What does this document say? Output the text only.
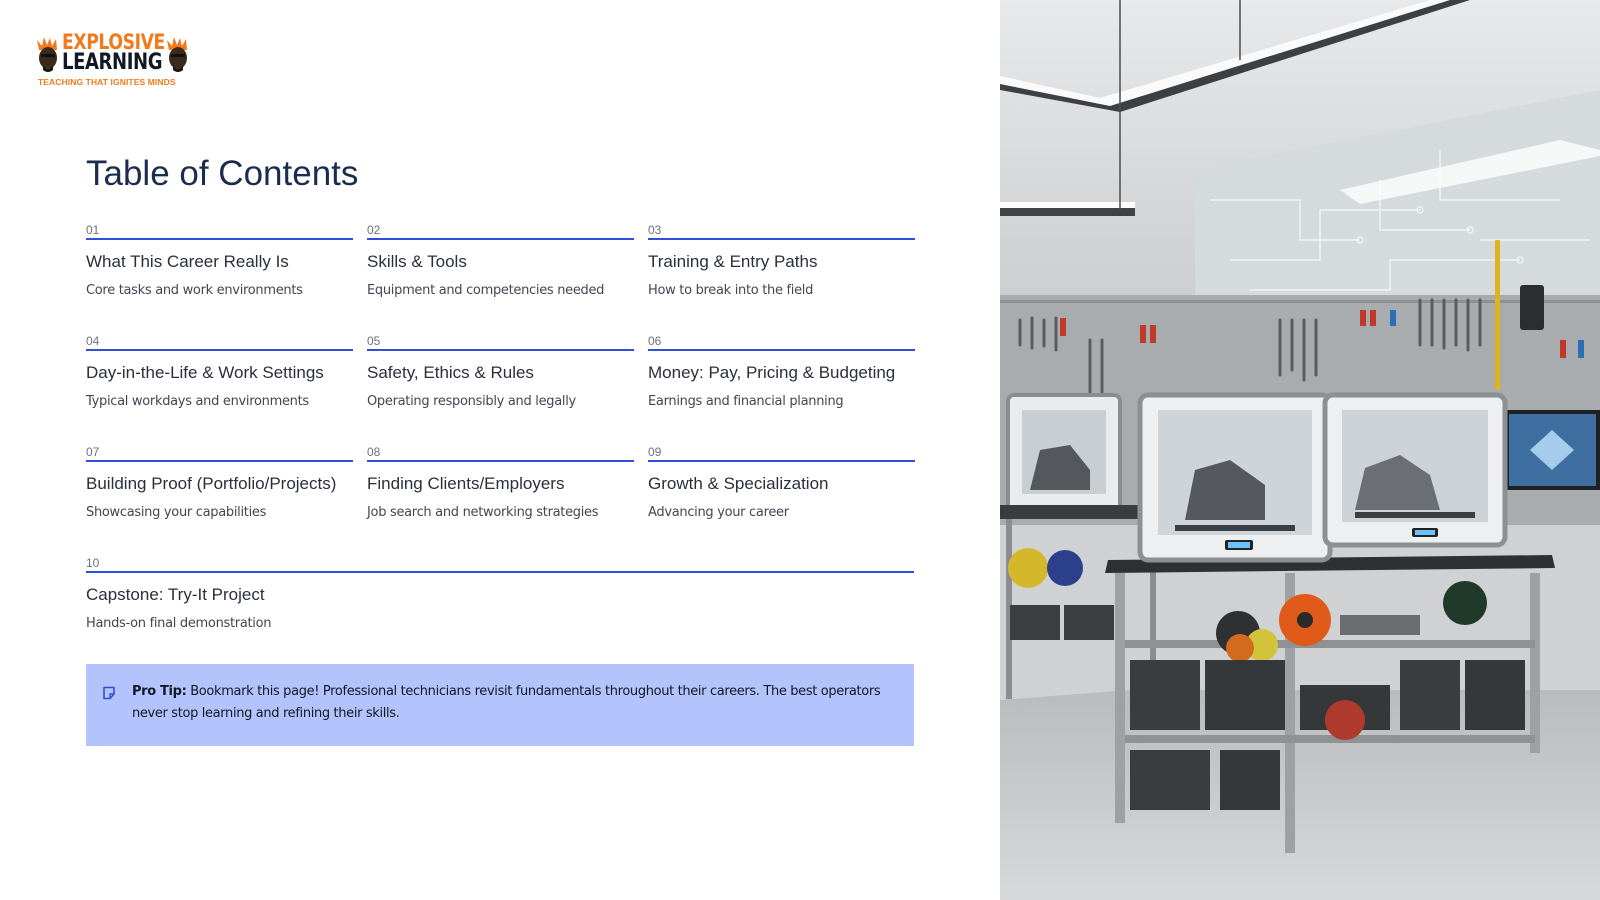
EXPLOSIVE
LEARNING
TEACHING THAT IGNITES MINDS
Table of Contents
01
What This Career Really Is
Core tasks and work environments
02
Skills & Tools
Equipment and competencies needed
03
Training & Entry Paths
How to break into the field
04
Day-in-the-Life & Work Settings
Typical workdays and environments
05
Safety, Ethics & Rules
Operating responsibly and legally
06
Money: Pay, Pricing & Budgeting
Earnings and financial planning
07
Building Proof (Portfolio/Projects)
Showcasing your capabilities
08
Finding Clients/Employers
Job search and networking strategies
09
Growth & Specialization
Advancing your career
10
Capstone: Try-It Project
Hands-on final demonstration
Pro Tip: Bookmark this page! Professional technicians revisit fundamentals throughout their careers. The best operators never stop learning and refining their skills.
